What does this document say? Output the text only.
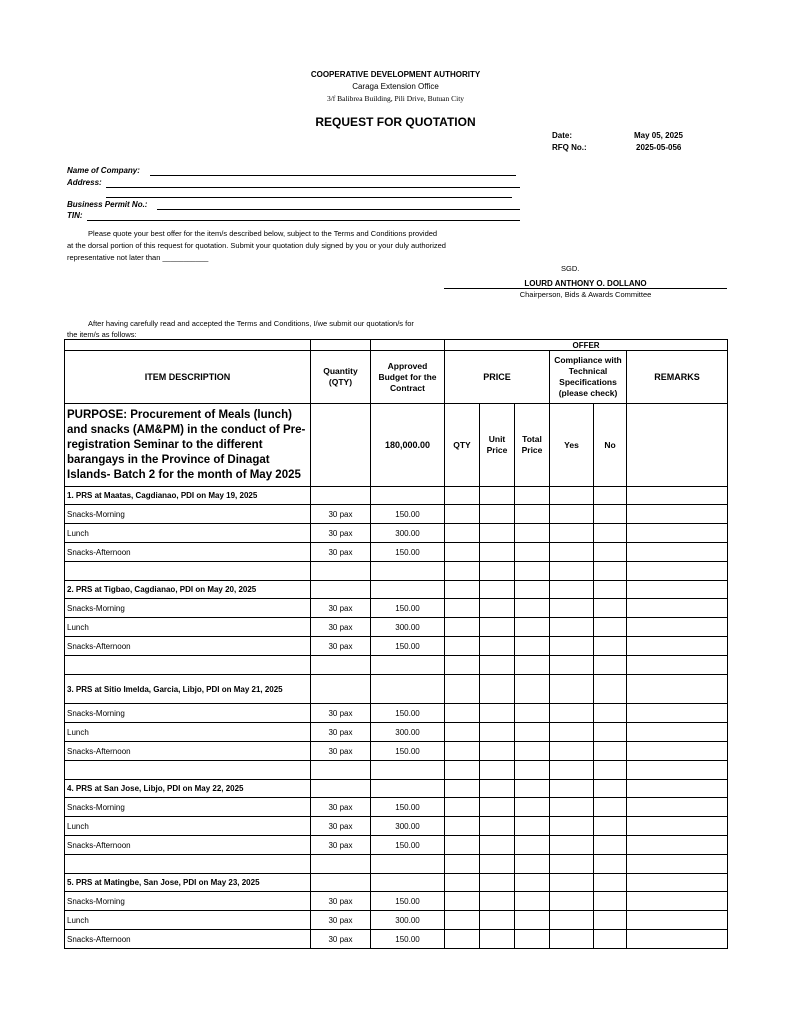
COOPERATIVE DEVELOPMENT AUTHORITY
Caraga Extension Office
3/f Balibrea Building, Pili Drive, Butuan City
REQUEST FOR QUOTATION
Date:	May 05, 2025
RFQ No.:	2025-05-056
Name of Company:
Address:
Business Permit No.:
TIN:
Please quote your best offer for the item/s described below, subject to the Terms and Conditions provided
at the dorsal portion of this request for quotation. Submit your quotation duly signed by you or your duly authorized
representative not later than ___________
SGD.
LOURD ANTHONY O. DOLLANO
Chairperson, Bids & Awards Committee
After having carefully read and accepted the Terms and Conditions, I/we submit our quotation/s for
the item/s as follows:
			OFFER					
ITEM DESCRIPTION	Quantity (QTY)	Approved Budget for the Contract	PRICE			Compliance with Technical Specifications (please check)		REMARKS
PURPOSE: Procurement of Meals (lunch) and snacks (AM&PM) in the conduct of Pre-registration Seminar to the different barangays in the Province of Dinagat Islands- Batch 2 for the month of May 2025		180,000.00	QTY	Unit Price	Total Price	Yes	No	
1. PRS at Maatas, Cagdianao, PDI on May 19, 2025								
Snacks-Morning	30 pax	150.00						
Lunch	30 pax	300.00						
Snacks-Afternoon	30 pax	150.00						

2. PRS at Tigbao, Cagdianao, PDI on May 20, 2025								
Snacks-Morning	30 pax	150.00						
Lunch	30 pax	300.00						
Snacks-Afternoon	30 pax	150.00						

3. PRS at Sitio Imelda, Garcia, Libjo, PDI on May 21, 2025								
Snacks-Morning	30 pax	150.00						
Lunch	30 pax	300.00						
Snacks-Afternoon	30 pax	150.00						

4. PRS at San Jose, Libjo, PDI on May 22, 2025								
Snacks-Morning	30 pax	150.00						
Lunch	30 pax	300.00						
Snacks-Afternoon	30 pax	150.00						

5. PRS at Matingbe, San Jose, PDI on May 23, 2025								
Snacks-Morning	30 pax	150.00						
Lunch	30 pax	300.00						
Snacks-Afternoon	30 pax	150.00						
